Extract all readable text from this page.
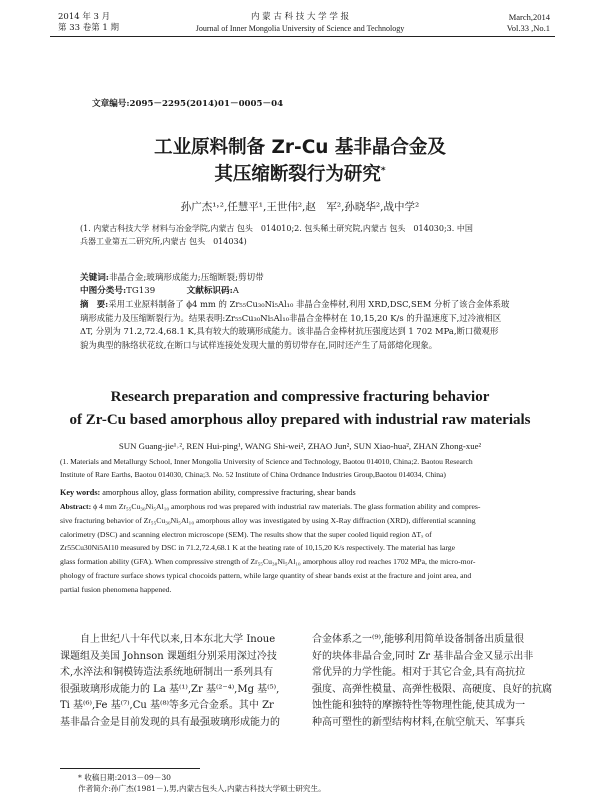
2014 年 3 月
第 33 卷第 1 期
内 蒙 古 科 技 大 学 学 报
Journal of Inner Mongolia University of Science and Technology
March,2014
Vol.33 ,No.1
文章编号:2095－2295(2014)01－0005－04
工业原料制备 Zr-Cu 基非晶合金及
其压缩断裂行为研究*
孙广杰¹˒²,任慧平¹,王世伟²,赵　军²,孙晓华²,战中学²
(1. 内蒙古科技大学 材料与冶金学院,内蒙古 包头　014010;2. 包头稀土研究院,内蒙古 包头　014030;3. 中国
兵器工业第五二研究所,内蒙古 包头　014034)
关键词:非晶合金;玻璃形成能力;压缩断裂;剪切带
中图分类号:TG139	文献标识码:A
摘　要:采用工业原料制备了 ϕ4 mm 的 Zr₅₅Cu₃₀Ni₅Al₁₀ 非晶合金棒材,利用 XRD,DSC,SEM 分析了该合金体系玻
璃形成能力及压缩断裂行为。结果表明:Zr₅₅Cu₃₀Ni₅Al₁₀非晶合金棒材在 10,15,20 K/s 的升温速度下,过冷液相区
ΔT, 分别为 71.2,72.4,68.1 K,具有较大的玻璃形成能力。该非晶合金棒材抗压强度达到 1 702 MPa,断口微观形
貌为典型的脉络状花纹,在断口与试样连接处发现大量的剪切带存在,同时还产生了局部熔化现象。
Research preparation and compressive fracturing behavior
of Zr-Cu based amorphous alloy prepared with industrial raw materials
SUN Guang-jie¹˒², REN Hui-ping¹, WANG Shi-wei², ZHAO Jun², SUN Xiao-hua², ZHAN Zhong-xue²
(1. Materials and Metallurgy School, Inner Mongolia University of Science and Technology, Baotou 014010, China;2. Baotou Research
Institute of Rare Earths, Baotou 014030, China;3. No. 52 Institute of China Ordnance Industries Group,Baotou 014034, China)
Key words: amorphous alloy, glass formation ability, compressive fracturing, shear bands
Abstract: ϕ 4 mm Zr₅₅Cu₃₀Ni₅Al₁₀ amorphous rod was prepared with industrial raw materials. The glass formation ability and compres-
sive fracturing behavior of Zr₅₅Cu₃₀Ni₅Al₁₀ amorphous alloy was investigated by using X-Ray diffraction (XRD), differential scanning
calorimetry (DSC) and scanning electron microscope (SEM). The results show that the super cooled liquid region ΔTₓ of
Zr55Cu30Ni5Al10 measured by DSC in 71.2,72.4,68.1 K at the heating rate of 10,15,20 K/s respectively. The material has large
glass formation ability (GFA). When compressive strength of Zr₅₅Cu₃₀Ni₅Al₁₀ amorphous alloy rod reaches 1702 MPa, the micro-mor-
phology of fracture surface shows typical chocoids pattern, while large quantity of shear bands exist at the fracture and joint area, and
partial fusion phenomena happened.
自上世纪八十年代以来,日本东北大学 Inoue
课题组及美国 Johnson 课题组分别采用深过冷技
术,水淬法和铜模铸造法系统地研制出一系列具有
很强玻璃形成能力的 La 基⁽¹⁾,Zr 基⁽²⁻⁴⁾,Mg 基⁽⁵⁾,
Ti 基⁽⁶⁾,Fe 基⁽⁷⁾,Cu 基⁽⁸⁾等多元合金系。其中 Zr
基非晶合金是目前发现的具有最强玻璃形成能力的
合金体系之一⁽⁹⁾,能够利用简单设备制备出质量很
好的块体非晶合金,同时 Zr 基非晶合金又显示出非
常优异的力学性能。相对于其它合金,具有高抗拉
强度、高弹性模量、高弹性极限、高硬度、良好的抗腐
蚀性能和独特的摩擦特性等物理性能,使其成为一
种高可塑性的新型结构材料,在航空航天、军事兵
* 收稿日期:2013－09－30
作者简介:孙广杰(1981－),男,内蒙古包头人,内蒙古科技大学硕士研究生。
